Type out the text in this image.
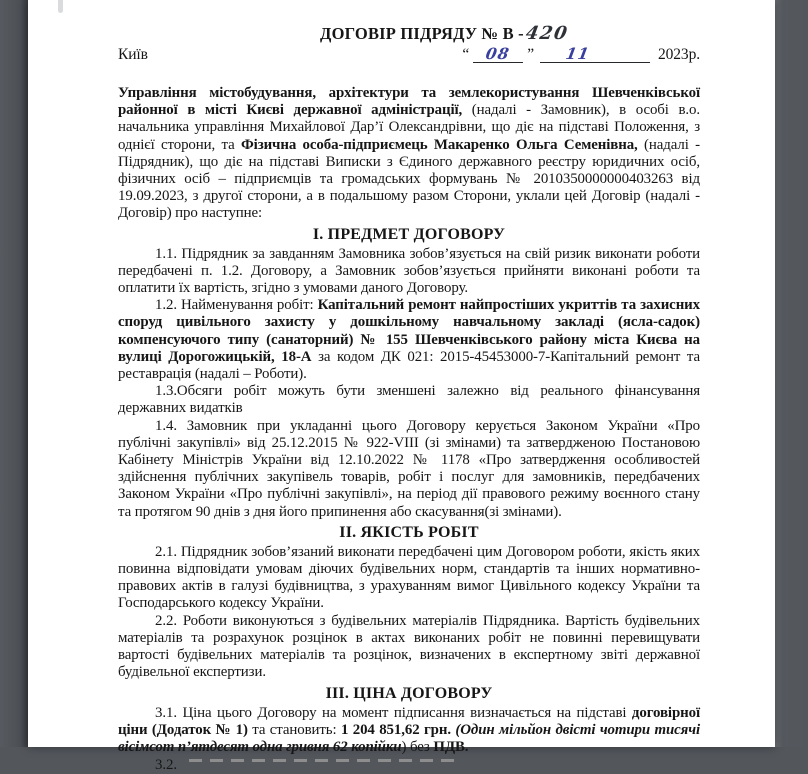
ДОГОВІР ПІДРЯДУ № В -420
Київ	“ 08 ” 11	2023р.

Управління містобудування, архітектури та землекористування Шевченківської районної в місті Києві державної адміністрації, (надалі - Замовник), в особі в.о. начальника управління Михайлової Дар’ї Олександрівни, що діє на підставі Положення, з однієї сторони, та Фізична особа-підприємець Макаренко Ольга Семенівна, (надалі - Підрядник), що діє на підставі Виписки з Єдиного державного реєстру юридичних осіб, фізичних осіб – підприємців та громадських формувань № 2010350000000403263 від 19.09.2023, з другої сторони, а в подальшому разом Сторони, уклали цей Договір (надалі - Договір) про наступне:

І. ПРЕДМЕТ ДОГОВОРУ

1.1. Підрядник за завданням Замовника зобов’язується на свій ризик виконати роботи передбачені п. 1.2. Договору, а Замовник зобов’язується прийняти виконані роботи та оплатити їх вартість, згідно з умовами даного Договору.

1.2. Найменування робіт: Капітальний ремонт найпростіших укриттів та захисних споруд цивільного захисту у дошкільному навчальному закладі (ясла-садок) компенсуючого типу (санаторний) № 155 Шевченківського району міста Києва на вулиці Дорогожицькій, 18-А за кодом ДК 021: 2015-45453000-7-Капітальний ремонт та реставрація (надалі – Роботи).

1.3.Обсяги робіт можуть бути зменшені залежно від реального фінансування державних видатків

1.4. Замовник при укладанні цього Договору керується Законом України «Про публічні закупівлі» від 25.12.2015 № 922-VIII (зі змінами) та затвердженою Постановою Кабінету Міністрів України від 12.10.2022 № 1178 «Про затвердження особливостей здійснення публічних закупівель товарів, робіт і послуг для замовників, передбачених Законом України «Про публічні закупівлі», на період дії правового режиму воєнного стану та протягом 90 днів з дня його припинення або скасування(зі змінами).

ІІ. ЯКІСТЬ РОБІТ

2.1. Підрядник зобов’язаний виконати передбачені цим Договором роботи, якість яких повинна відповідати умовам діючих будівельних норм, стандартів та інших нормативно-правових актів в галузі будівництва, з урахуванням вимог Цивільного кодексу України та Господарського кодексу України.

2.2. Роботи виконуються з будівельних матеріалів Підрядника. Вартість будівельних матеріалів та розрахунок розцінок в актах виконаних робіт не повинні перевищувати вартості будівельних матеріалів та розцінок, визначених в експертному звіті державної будівельної експертизи.

ІІІ. ЦІНА ДОГОВОРУ

3.1. Ціна цього Договору на момент підписання визначається на підставі договірної ціни (Додаток № 1) та становить: 1 204 851,62 грн. (Один мільйон двісті чотири тисячі вісімсот п’ятдесят одна гривня 62 копійки) без ПДВ.

3.2.
